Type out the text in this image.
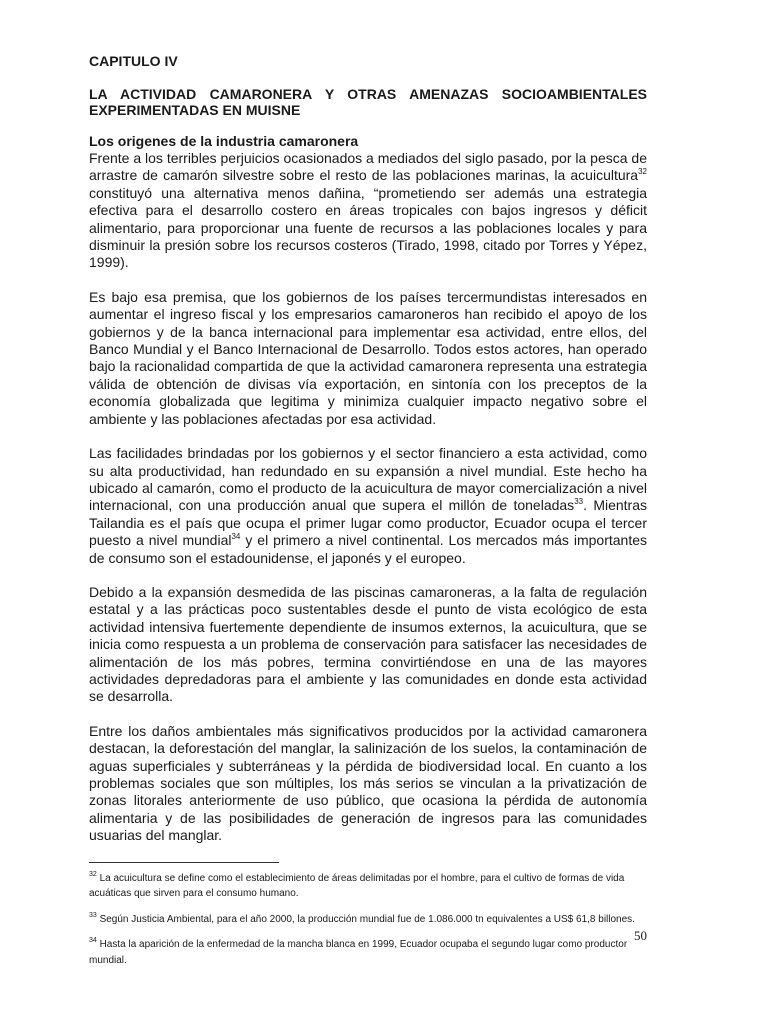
CAPITULO IV
LA ACTIVIDAD CAMARONERA Y OTRAS AMENAZAS SOCIOAMBIENTALES EXPERIMENTADAS EN MUISNE
Los origenes de la industria camaronera

Frente a los terribles perjuicios ocasionados a mediados del siglo pasado, por la pesca de arrastre de camarón silvestre sobre el resto de las poblaciones marinas, la acuicultura$^{32}$ constituyó una alternativa menos dañina, “prometiendo ser además una estrategia efectiva para el desarrollo costero en áreas tropicales con bajos ingresos y déficit alimentario, para proporcionar una fuente de recursos a las poblaciones locales y para disminuir la presión sobre los recursos costeros (Tirado, 1998, citado por Torres y Yépez, 1999).

Es bajo esa premisa, que los gobiernos de los países tercermundistas interesados en aumentar el ingreso fiscal y los empresarios camaroneros han recibido el apoyo de los gobiernos y de la banca internacional para implementar esa actividad, entre ellos, del Banco Mundial y el Banco Internacional de Desarrollo. Todos estos actores, han operado bajo la racionalidad compartida de que la actividad camaronera representa una estrategia válida de obtención de divisas vía exportación, en sintonía con los preceptos de la economía globalizada que legitima y minimiza cualquier impacto negativo sobre el ambiente y las poblaciones afectadas por esa actividad.

Las facilidades brindadas por los gobiernos y el sector financiero a esta actividad, como su alta productividad, han redundado en su expansión a nivel mundial. Este hecho ha ubicado al camarón, como el producto de la acuicultura de mayor comercialización a nivel internacional, con una producción anual que supera el millón de toneladas$^{33}$. Mientras Tailandia es el país que ocupa el primer lugar como productor, Ecuador ocupa el tercer puesto a nivel mundial$^{34}$ y el primero a nivel continental. Los mercados más importantes de consumo son el estadounidense, el japonés y el europeo.

Debido a la expansión desmedida de las piscinas camaroneras, a la falta de regulación estatal y a las prácticas poco sustentables desde el punto de vista ecológico de esta actividad intensiva fuertemente dependiente de insumos externos, la acuicultura, que se inicia como respuesta a un problema de conservación para satisfacer las necesidades de alimentación de los más pobres, termina convirtiéndose en una de las mayores actividades depredadoras para el ambiente y las comunidades en donde esta actividad se desarrolla.

Entre los daños ambientales más significativos producidos por la actividad camaronera destacan, la deforestación del manglar, la salinización de los suelos, la contaminación de aguas superficiales y subterráneas y la pérdida de biodiversidad local. En cuanto a los problemas sociales que son múltiples, los más serios se vinculan a la privatización de zonas litorales anteriormente de uso público, que ocasiona la pérdida de autonomía alimentaria y de las posibilidades de generación de ingresos para las comunidades usuarias del manglar.

$^{32}$ La acuicultura se define como el establecimiento de áreas delimitadas por el hombre, para el cultivo de formas de vida acuáticas que sirven para el consumo humano.
$^{33}$ Según Justicia Ambiental, para el año 2000, la producción mundial fue de 1.086.000 tn equivalentes a US$ 61,8 billones.
$^{34}$ Hasta la aparición de la enfermedad de la mancha blanca en 1999, Ecuador ocupaba el segundo lugar como productor mundial.
50
